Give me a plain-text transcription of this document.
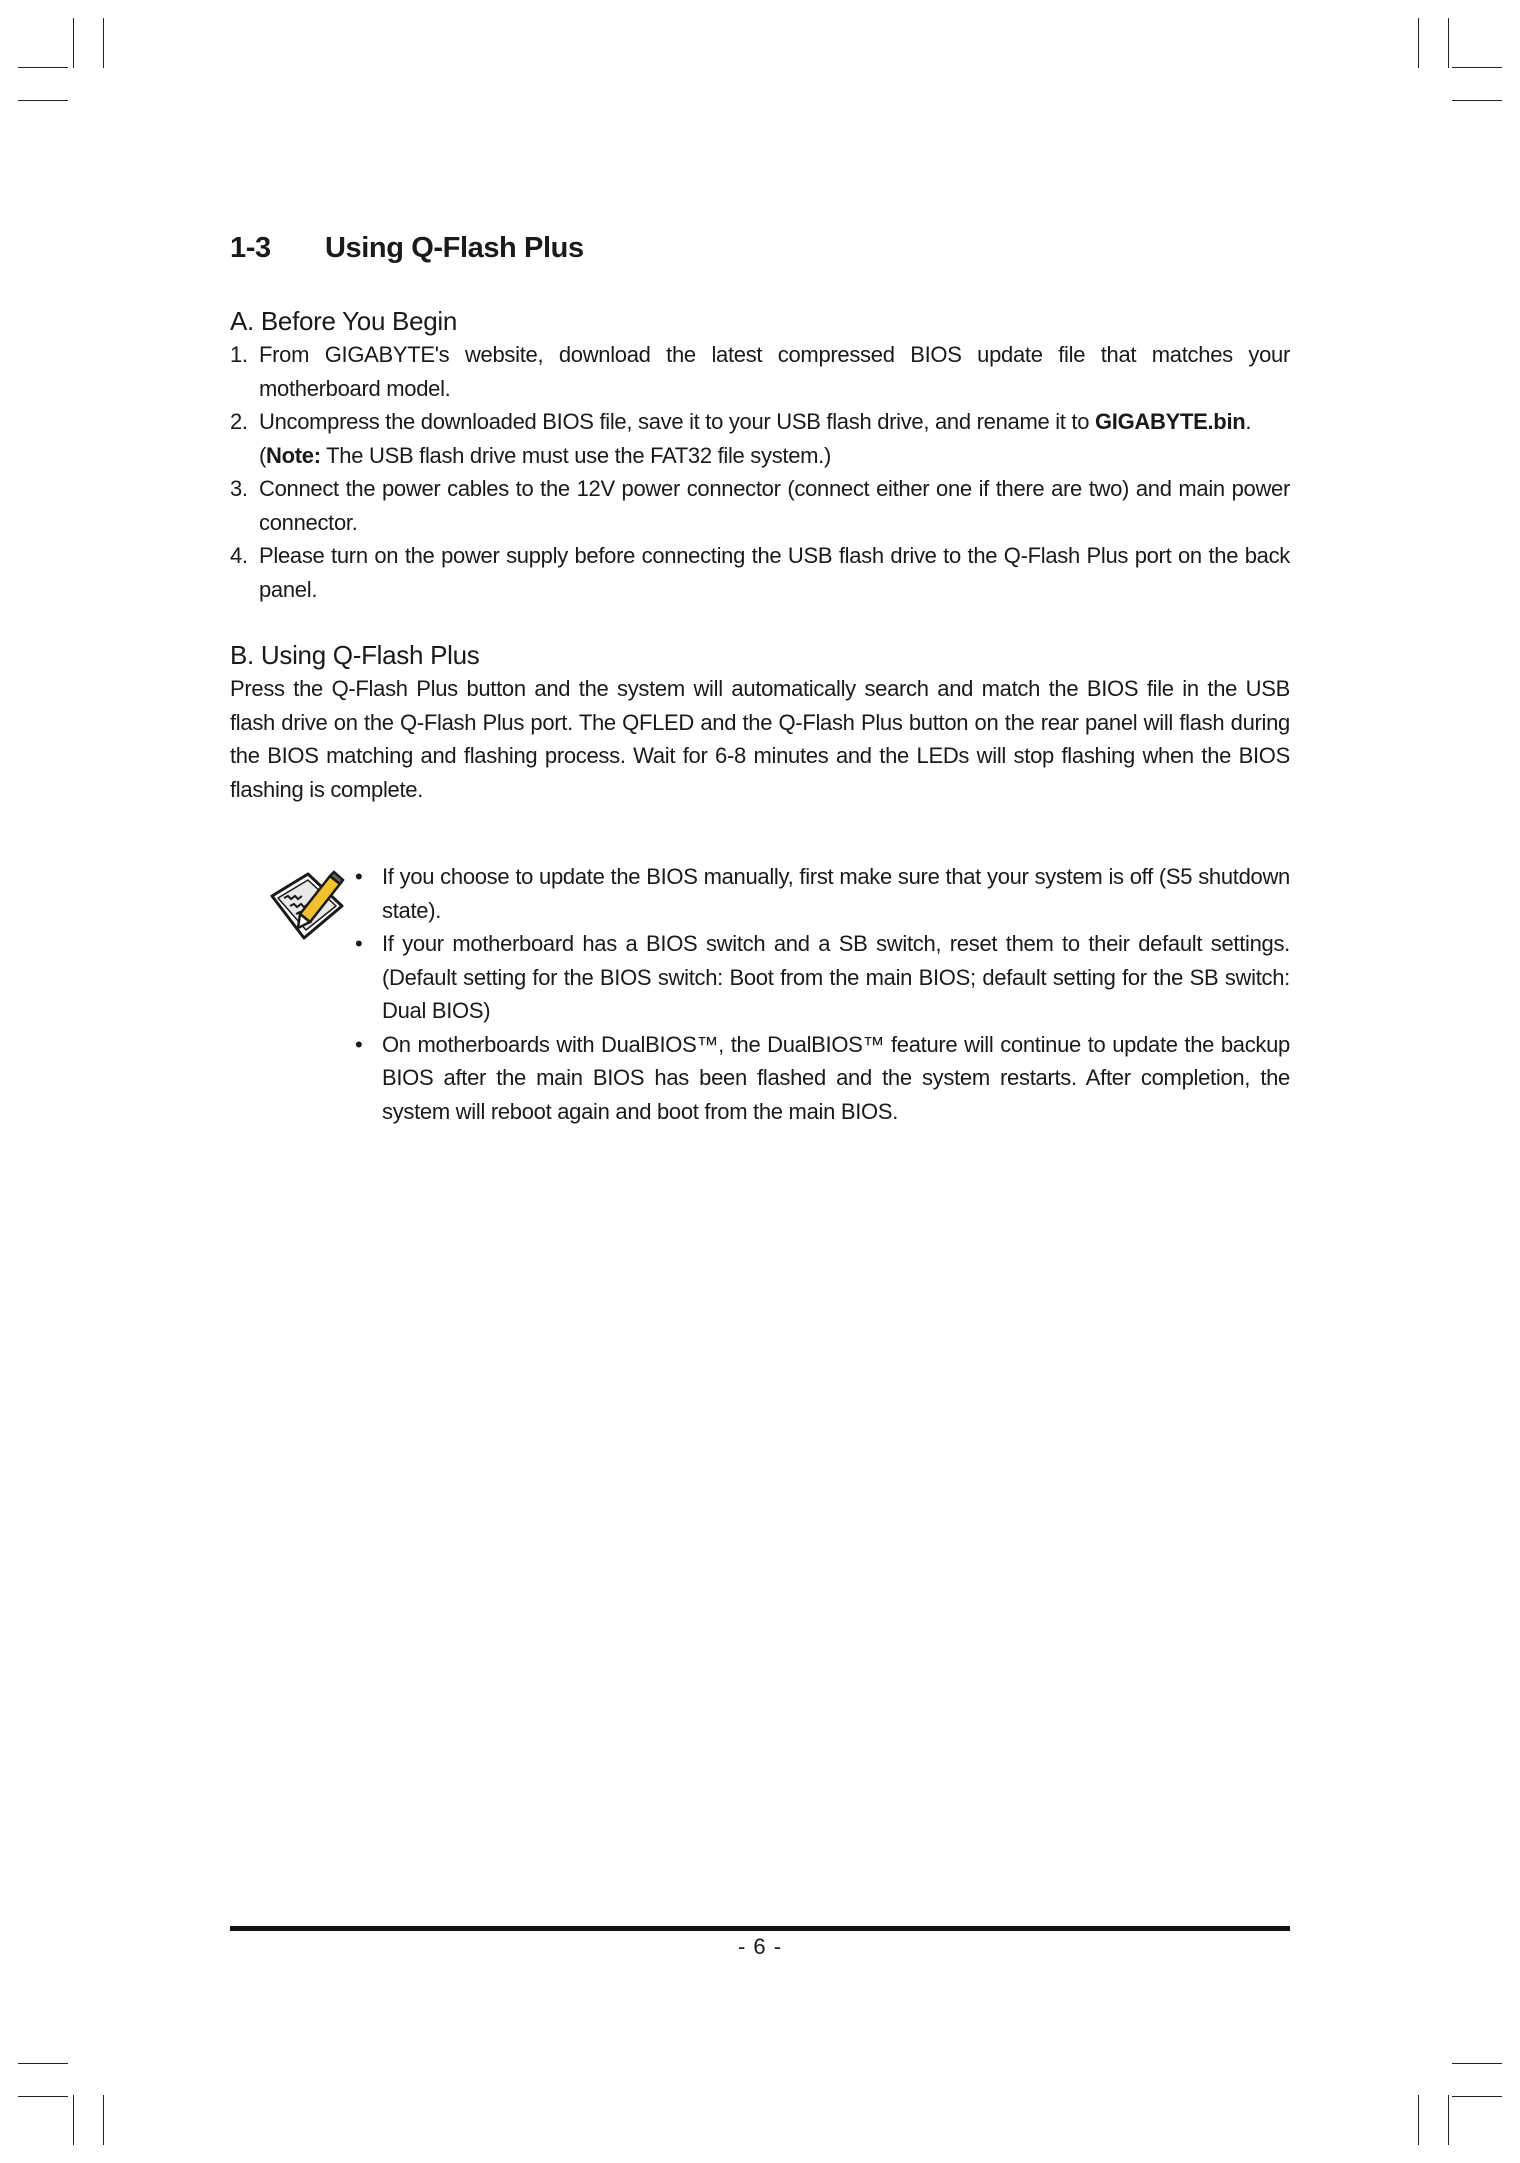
1-3 Using Q-Flash Plus
A. Before You Begin
1. From GIGABYTE's website, download the latest compressed BIOS update file that matches your motherboard model.
2. Uncompress the downloaded BIOS file, save it to your USB flash drive, and rename it to GIGABYTE.bin.
(Note: The USB flash drive must use the FAT32 file system.)
3. Connect the power cables to the 12V power connector (connect either one if there are two) and main power connector.
4. Please turn on the power supply before connecting the USB flash drive to the Q-Flash Plus port on the back panel.
B. Using Q-Flash Plus

Press the Q-Flash Plus button and the system will automatically search and match the BIOS file in the USB flash drive on the Q-Flash Plus port. The QFLED and the Q-Flash Plus button on the rear panel will flash during the BIOS matching and flashing process. Wait for 6-8 minutes and the LEDs will stop flashing when the BIOS flashing is complete.

• If you choose to update the BIOS manually, first make sure that your system is off (S5 shutdown state).
• If your motherboard has a BIOS switch and a SB switch, reset them to their default settings. (Default setting for the BIOS switch: Boot from the main BIOS; default setting for the SB switch: Dual BIOS)
• On motherboards with DualBIOS™, the DualBIOS™ feature will continue to update the backup BIOS after the main BIOS has been flashed and the system restarts. After completion, the system will reboot again and boot from the main BIOS.
- 6 -
